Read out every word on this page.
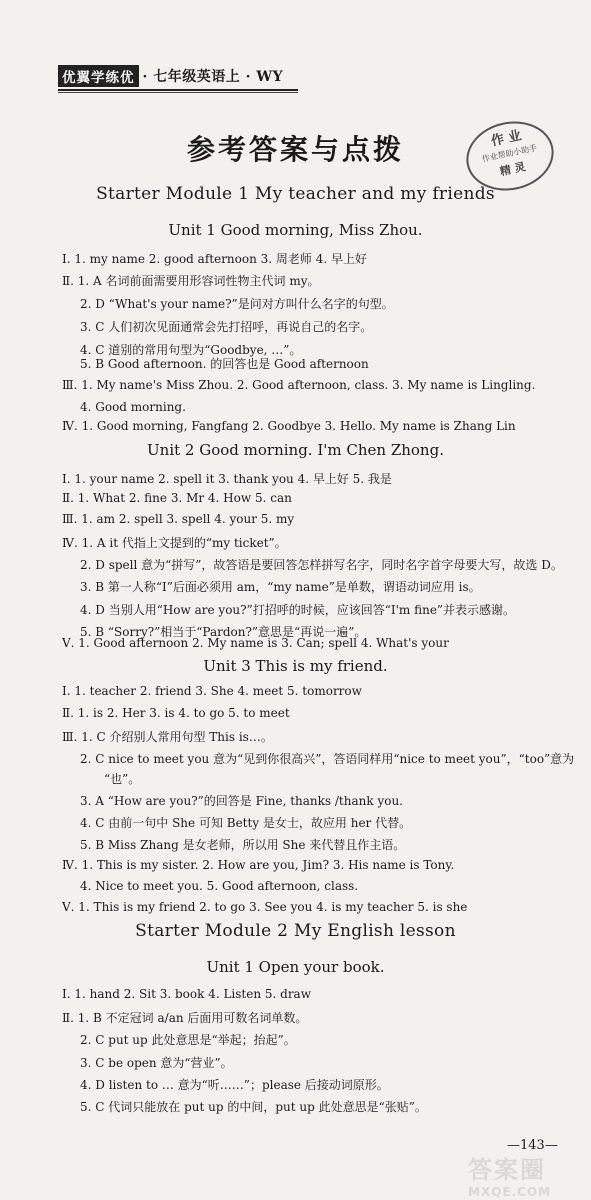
优翼学练优 · 七年级英语上 · WY
参考答案与点拨	作 业
作业帮助小助手
精 灵
Starter Module 1 My teacher and my friends
Unit 1 Good morning, Miss Zhou.
Ⅰ. 1. my name 2. good afternoon 3. 周老师 4. 早上好
Ⅱ. 1. A 名词前面需要用形容词性物主代词 my。
2. D “What's your name?”是问对方叫什么名字的句型。
3. C 人们初次见面通常会先打招呼，再说自己的名字。
4. C 道别的常用句型为“Goodbye, …”。
5. B Good afternoon. 的回答也是 Good afternoon
Ⅲ. 1. My name's Miss Zhou. 2. Good afternoon, class. 3. My name is Lingling.
4. Good morning.
Ⅳ. 1. Good morning, Fangfang 2. Goodbye 3. Hello. My name is Zhang Lin
Unit 2 Good morning. I'm Chen Zhong.
Ⅰ. 1. your name 2. spell it 3. thank you 4. 早上好 5. 我是
Ⅱ. 1. What 2. fine 3. Mr 4. How 5. can
Ⅲ. 1. am 2. spell 3. spell 4. your 5. my
Ⅳ. 1. A it 代指上文提到的“my ticket”。
2. D spell 意为“拼写”，故答语是要回答怎样拼写名字，同时名字首字母要大写，故选 D。
3. B 第一人称“I”后面必须用 am，“my name”是单数，谓语动词应用 is。
4. D 当别人用“How are you?”打招呼的时候，应该回答“I'm fine”并表示感谢。
5. B “Sorry?”相当于“Pardon?”意思是“再说一遍”。
Ⅴ. 1. Good afternoon 2. My name is 3. Can; spell 4. What's your
Unit 3 This is my friend.
Ⅰ. 1. teacher 2. friend 3. She 4. meet 5. tomorrow
Ⅱ. 1. is 2. Her 3. is 4. to go 5. to meet
Ⅲ. 1. C 介绍别人常用句型 This is…。
2. C nice to meet you 意为“见到你很高兴”，答语同样用“nice to meet you”，“too”意为
“也”。
3. A “How are you?”的回答是 Fine, thanks /thank you.
4. C 由前一句中 She 可知 Betty 是女士，故应用 her 代替。
5. B Miss Zhang 是女老师，所以用 She 来代替且作主语。
Ⅳ. 1. This is my sister. 2. How are you, Jim? 3. His name is Tony.
4. Nice to meet you. 5. Good afternoon, class.
Ⅴ. 1. This is my friend 2. to go 3. See you 4. is my teacher 5. is she
Starter Module 2 My English lesson
Unit 1 Open your book.
Ⅰ. 1. hand 2. Sit 3. book 4. Listen 5. draw
Ⅱ. 1. B 不定冠词 a/an 后面用可数名词单数。
2. C put up 此处意思是“举起；抬起”。
3. C be open 意为“营业”。
4. D listen to … 意为“听……”；please 后接动词原形。
5. C 代词只能放在 put up 的中间，put up 此处意思是“张贴”。
—143—
答案圈
MXQE.COM
